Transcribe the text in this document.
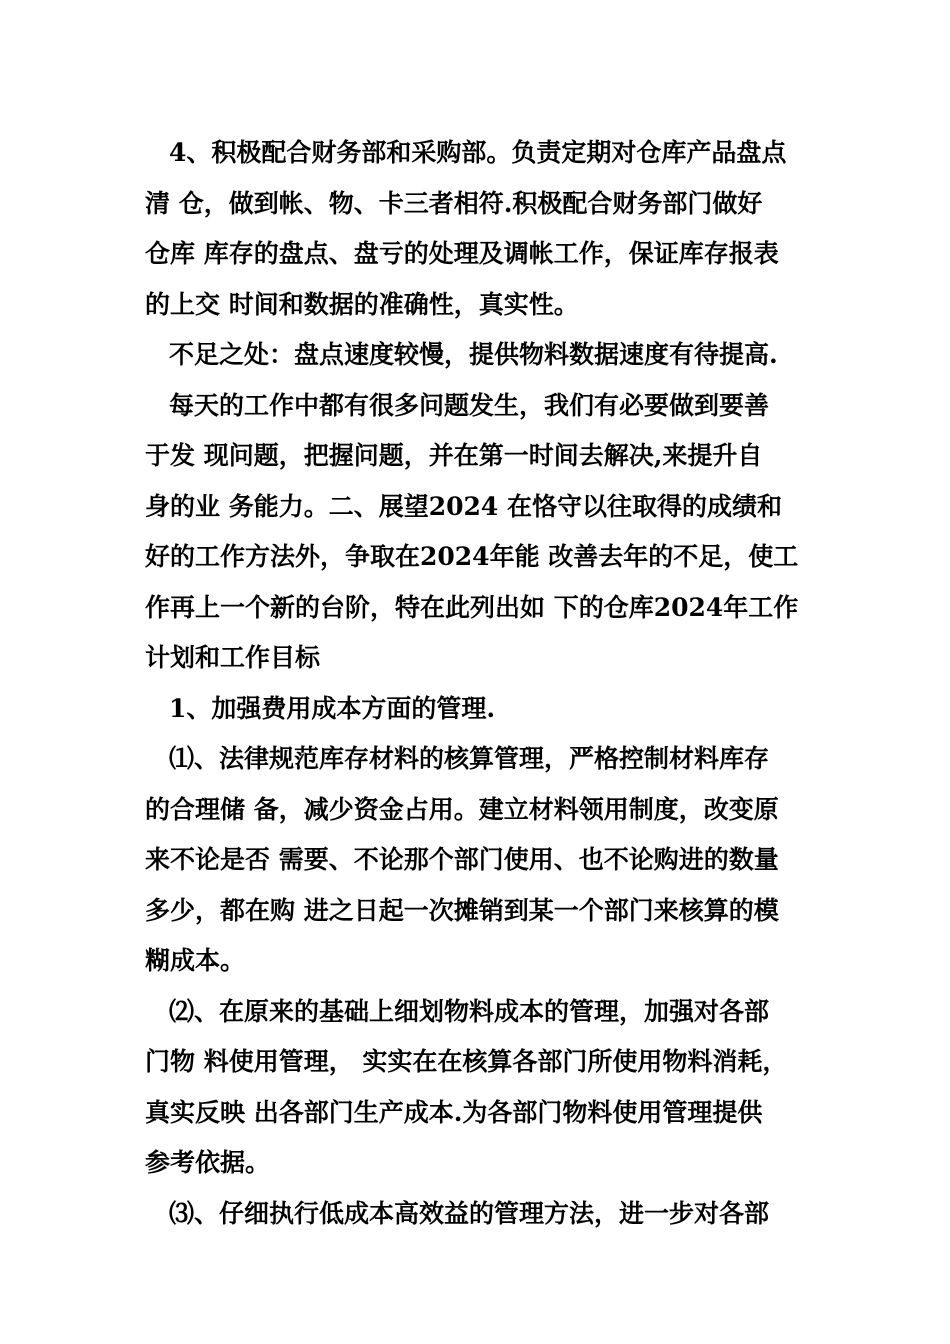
4、积极配合财务部和采购部。负责定期对仓库产品盘点
清 仓，做到帐、物、卡三者相符.积极配合财务部门做好
仓库 库存的盘点、盘亏的处理及调帐工作，保证库存报表
的上交 时间和数据的准确性，真实性。
不足之处：盘点速度较慢，提供物料数据速度有待提高.
每天的工作中都有很多问题发生，我们有必要做到要善
于发 现问题，把握问题，并在第一时间去解决,来提升自
身的业 务能力。二、展望2024 在恪守以往取得的成绩和
好的工作方法外，争取在2024年能 改善去年的不足，使工
作再上一个新的台阶，特在此列出如 下的仓库2024年工作
计划和工作目标
1、加强费用成本方面的管理.
⑴、法律规范库存材料的核算管理，严格控制材料库存
的合理储 备，减少资金占用。建立材料领用制度，改变原
来不论是否 需要、不论那个部门使用、也不论购进的数量
多少，都在购 进之日起一次摊销到某一个部门来核算的模
糊成本。
⑵、在原来的基础上细划物料成本的管理，加强对各部
门物 料使用管理， 实实在在核算各部门所使用物料消耗，
真实反映 出各部门生产成本.为各部门物料使用管理提供
参考依据。
⑶、仔细执行低成本高效益的管理方法，进一步对各部
